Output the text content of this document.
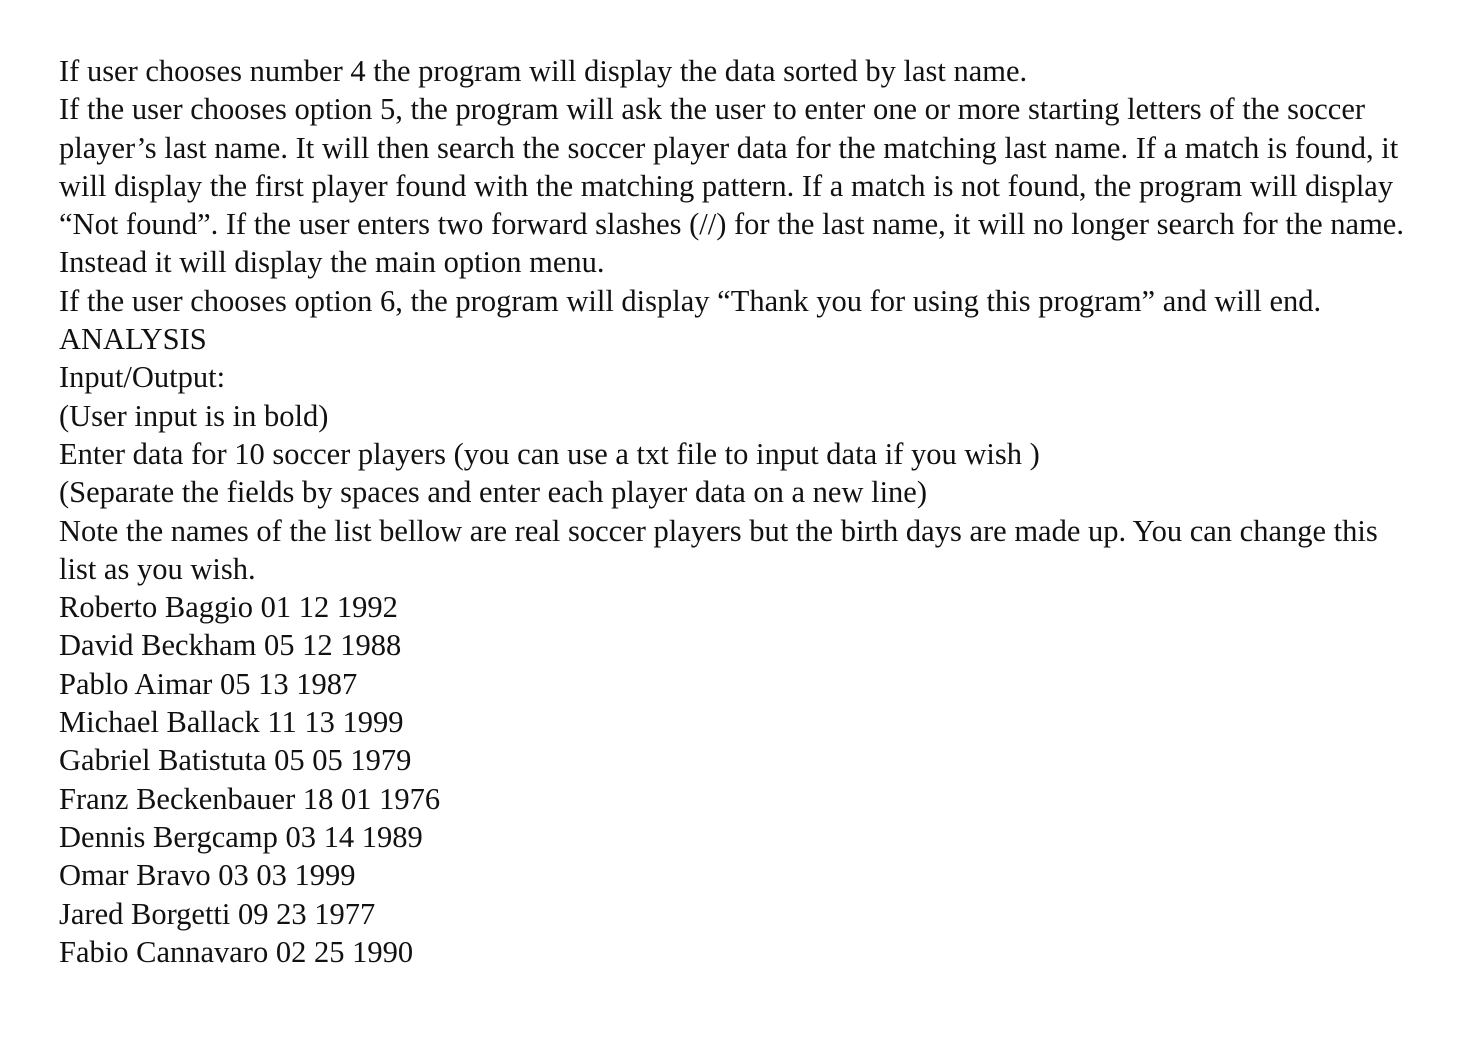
If user chooses number 4 the program will display the data sorted by last name.

If the user chooses option 5, the program will ask the user to enter one or more starting letters of the soccer player’s last name. It will then search the soccer player data for the matching last name. If a match is found, it will display the first player found with the matching pattern. If a match is not found, the program will display “Not found”. If the user enters two forward slashes (//) for the last name, it will no longer search for the name. Instead it will display the main option menu.

If the user chooses option 6, the program will display “Thank you for using this program” and will end.

ANALYSIS

Input/Output:

(User input is in bold)

Enter data for 10 soccer players (you can use a txt file to input data if you wish )

(Separate the fields by spaces and enter each player data on a new line)

Note the names of the list bellow are real soccer players but the birth days are made up. You can change this list as you wish.

Roberto Baggio 01 12 1992
David Beckham 05 12 1988
Pablo Aimar 05 13 1987
Michael Ballack 11 13 1999
Gabriel Batistuta 05 05 1979
Franz Beckenbauer 18 01 1976
Dennis Bergcamp 03 14 1989
Omar Bravo 03 03 1999
Jared Borgetti 09 23 1977
Fabio Cannavaro 02 25 1990
